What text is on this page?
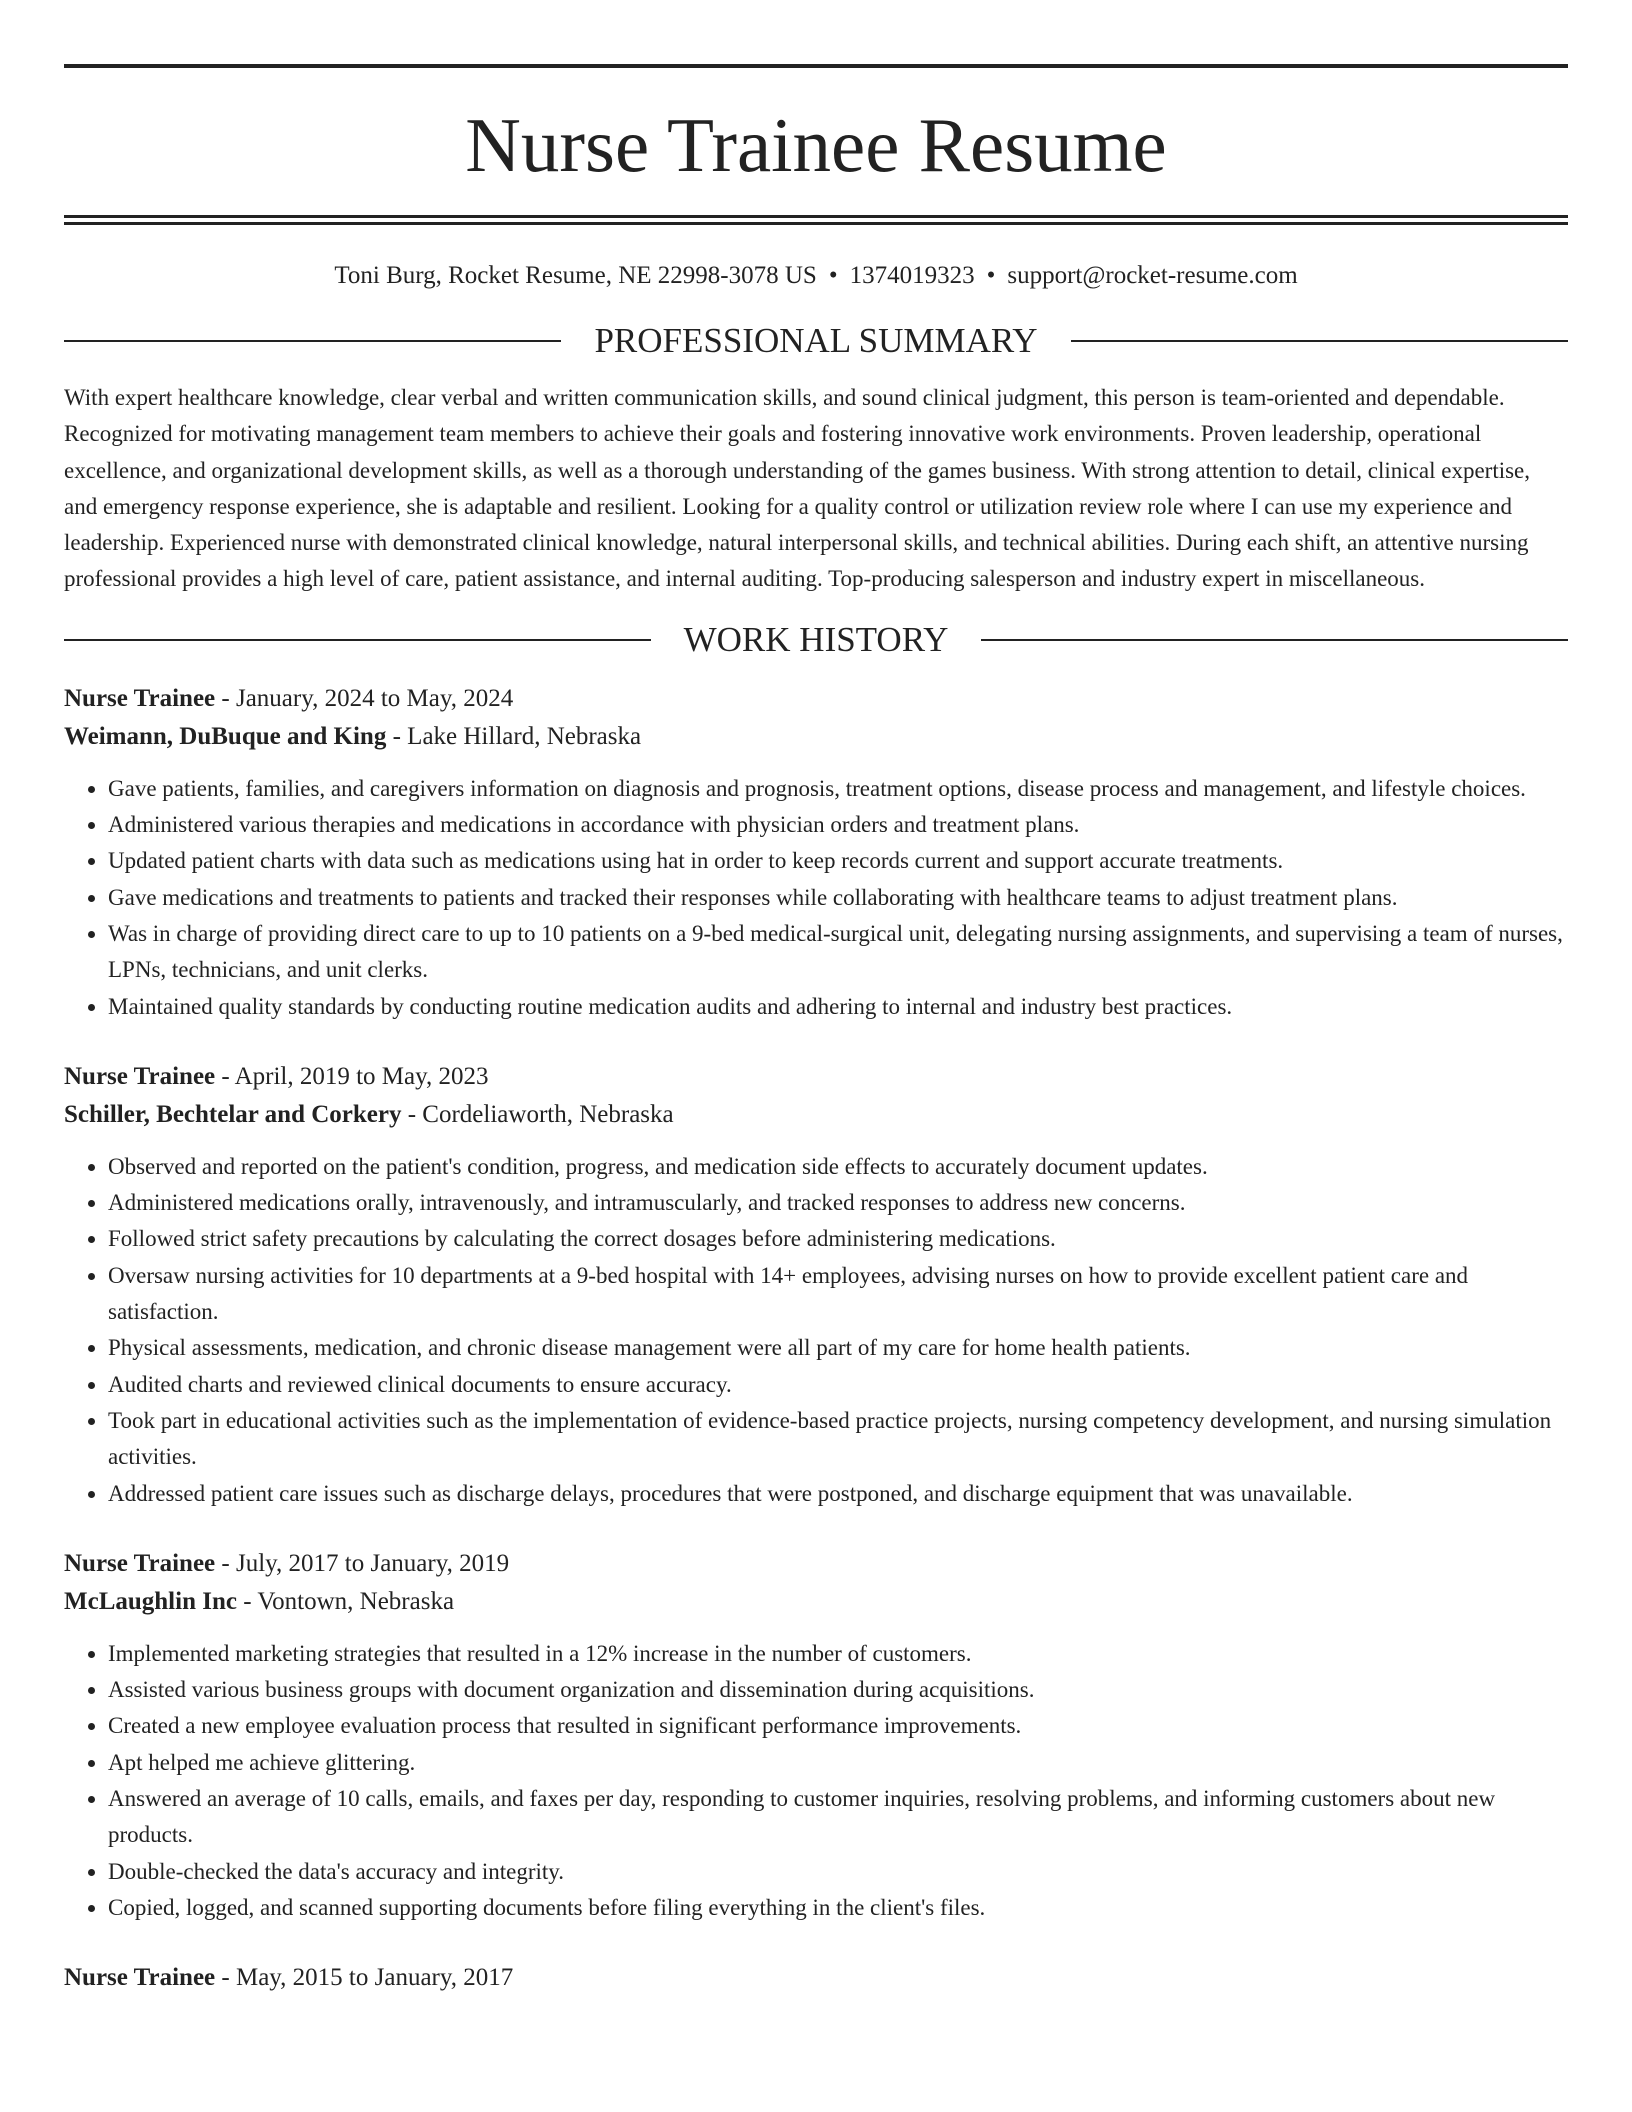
Nurse Trainee Resume
Toni Burg, Rocket Resume, NE 22998-3078 US • 1374019323 • support@rocket-resume.com
PROFESSIONAL SUMMARY

With expert healthcare knowledge, clear verbal and written communication skills, and sound clinical judgment, this person is team-oriented and dependable. Recognized for motivating management team members to achieve their goals and fostering innovative work environments. Proven leadership, operational excellence, and organizational development skills, as well as a thorough understanding of the games business. With strong attention to detail, clinical expertise, and emergency response experience, she is adaptable and resilient. Looking for a quality control or utilization review role where I can use my experience and leadership. Experienced nurse with demonstrated clinical knowledge, natural interpersonal skills, and technical abilities. During each shift, an attentive nursing professional provides a high level of care, patient assistance, and internal auditing. Top-producing salesperson and industry expert in miscellaneous.

WORK HISTORY
Nurse Trainee - January, 2024 to May, 2024
Weimann, DuBuque and King - Lake Hillard, Nebraska
• Gave patients, families, and caregivers information on diagnosis and prognosis, treatment options, disease process and management, and lifestyle choices.
• Administered various therapies and medications in accordance with physician orders and treatment plans.
• Updated patient charts with data such as medications using hat in order to keep records current and support accurate treatments.
• Gave medications and treatments to patients and tracked their responses while collaborating with healthcare teams to adjust treatment plans.
• Was in charge of providing direct care to up to 10 patients on a 9-bed medical-surgical unit, delegating nursing assignments, and supervising a team of nurses, LPNs, technicians, and unit clerks.
• Maintained quality standards by conducting routine medication audits and adhering to internal and industry best practices.
Nurse Trainee - April, 2019 to May, 2023
Schiller, Bechtelar and Corkery - Cordeliaworth, Nebraska
• Observed and reported on the patient's condition, progress, and medication side effects to accurately document updates.
• Administered medications orally, intravenously, and intramuscularly, and tracked responses to address new concerns.
• Followed strict safety precautions by calculating the correct dosages before administering medications.
• Oversaw nursing activities for 10 departments at a 9-bed hospital with 14+ employees, advising nurses on how to provide excellent patient care and satisfaction.
• Physical assessments, medication, and chronic disease management were all part of my care for home health patients.
• Audited charts and reviewed clinical documents to ensure accuracy.
• Took part in educational activities such as the implementation of evidence-based practice projects, nursing competency development, and nursing simulation activities.
• Addressed patient care issues such as discharge delays, procedures that were postponed, and discharge equipment that was unavailable.
Nurse Trainee - July, 2017 to January, 2019
McLaughlin Inc - Vontown, Nebraska
• Implemented marketing strategies that resulted in a 12% increase in the number of customers.
• Assisted various business groups with document organization and dissemination during acquisitions.
• Created a new employee evaluation process that resulted in significant performance improvements.
• Apt helped me achieve glittering.
• Answered an average of 10 calls, emails, and faxes per day, responding to customer inquiries, resolving problems, and informing customers about new products.
• Double-checked the data's accuracy and integrity.
• Copied, logged, and scanned supporting documents before filing everything in the client's files.
Nurse Trainee - May, 2015 to January, 2017
